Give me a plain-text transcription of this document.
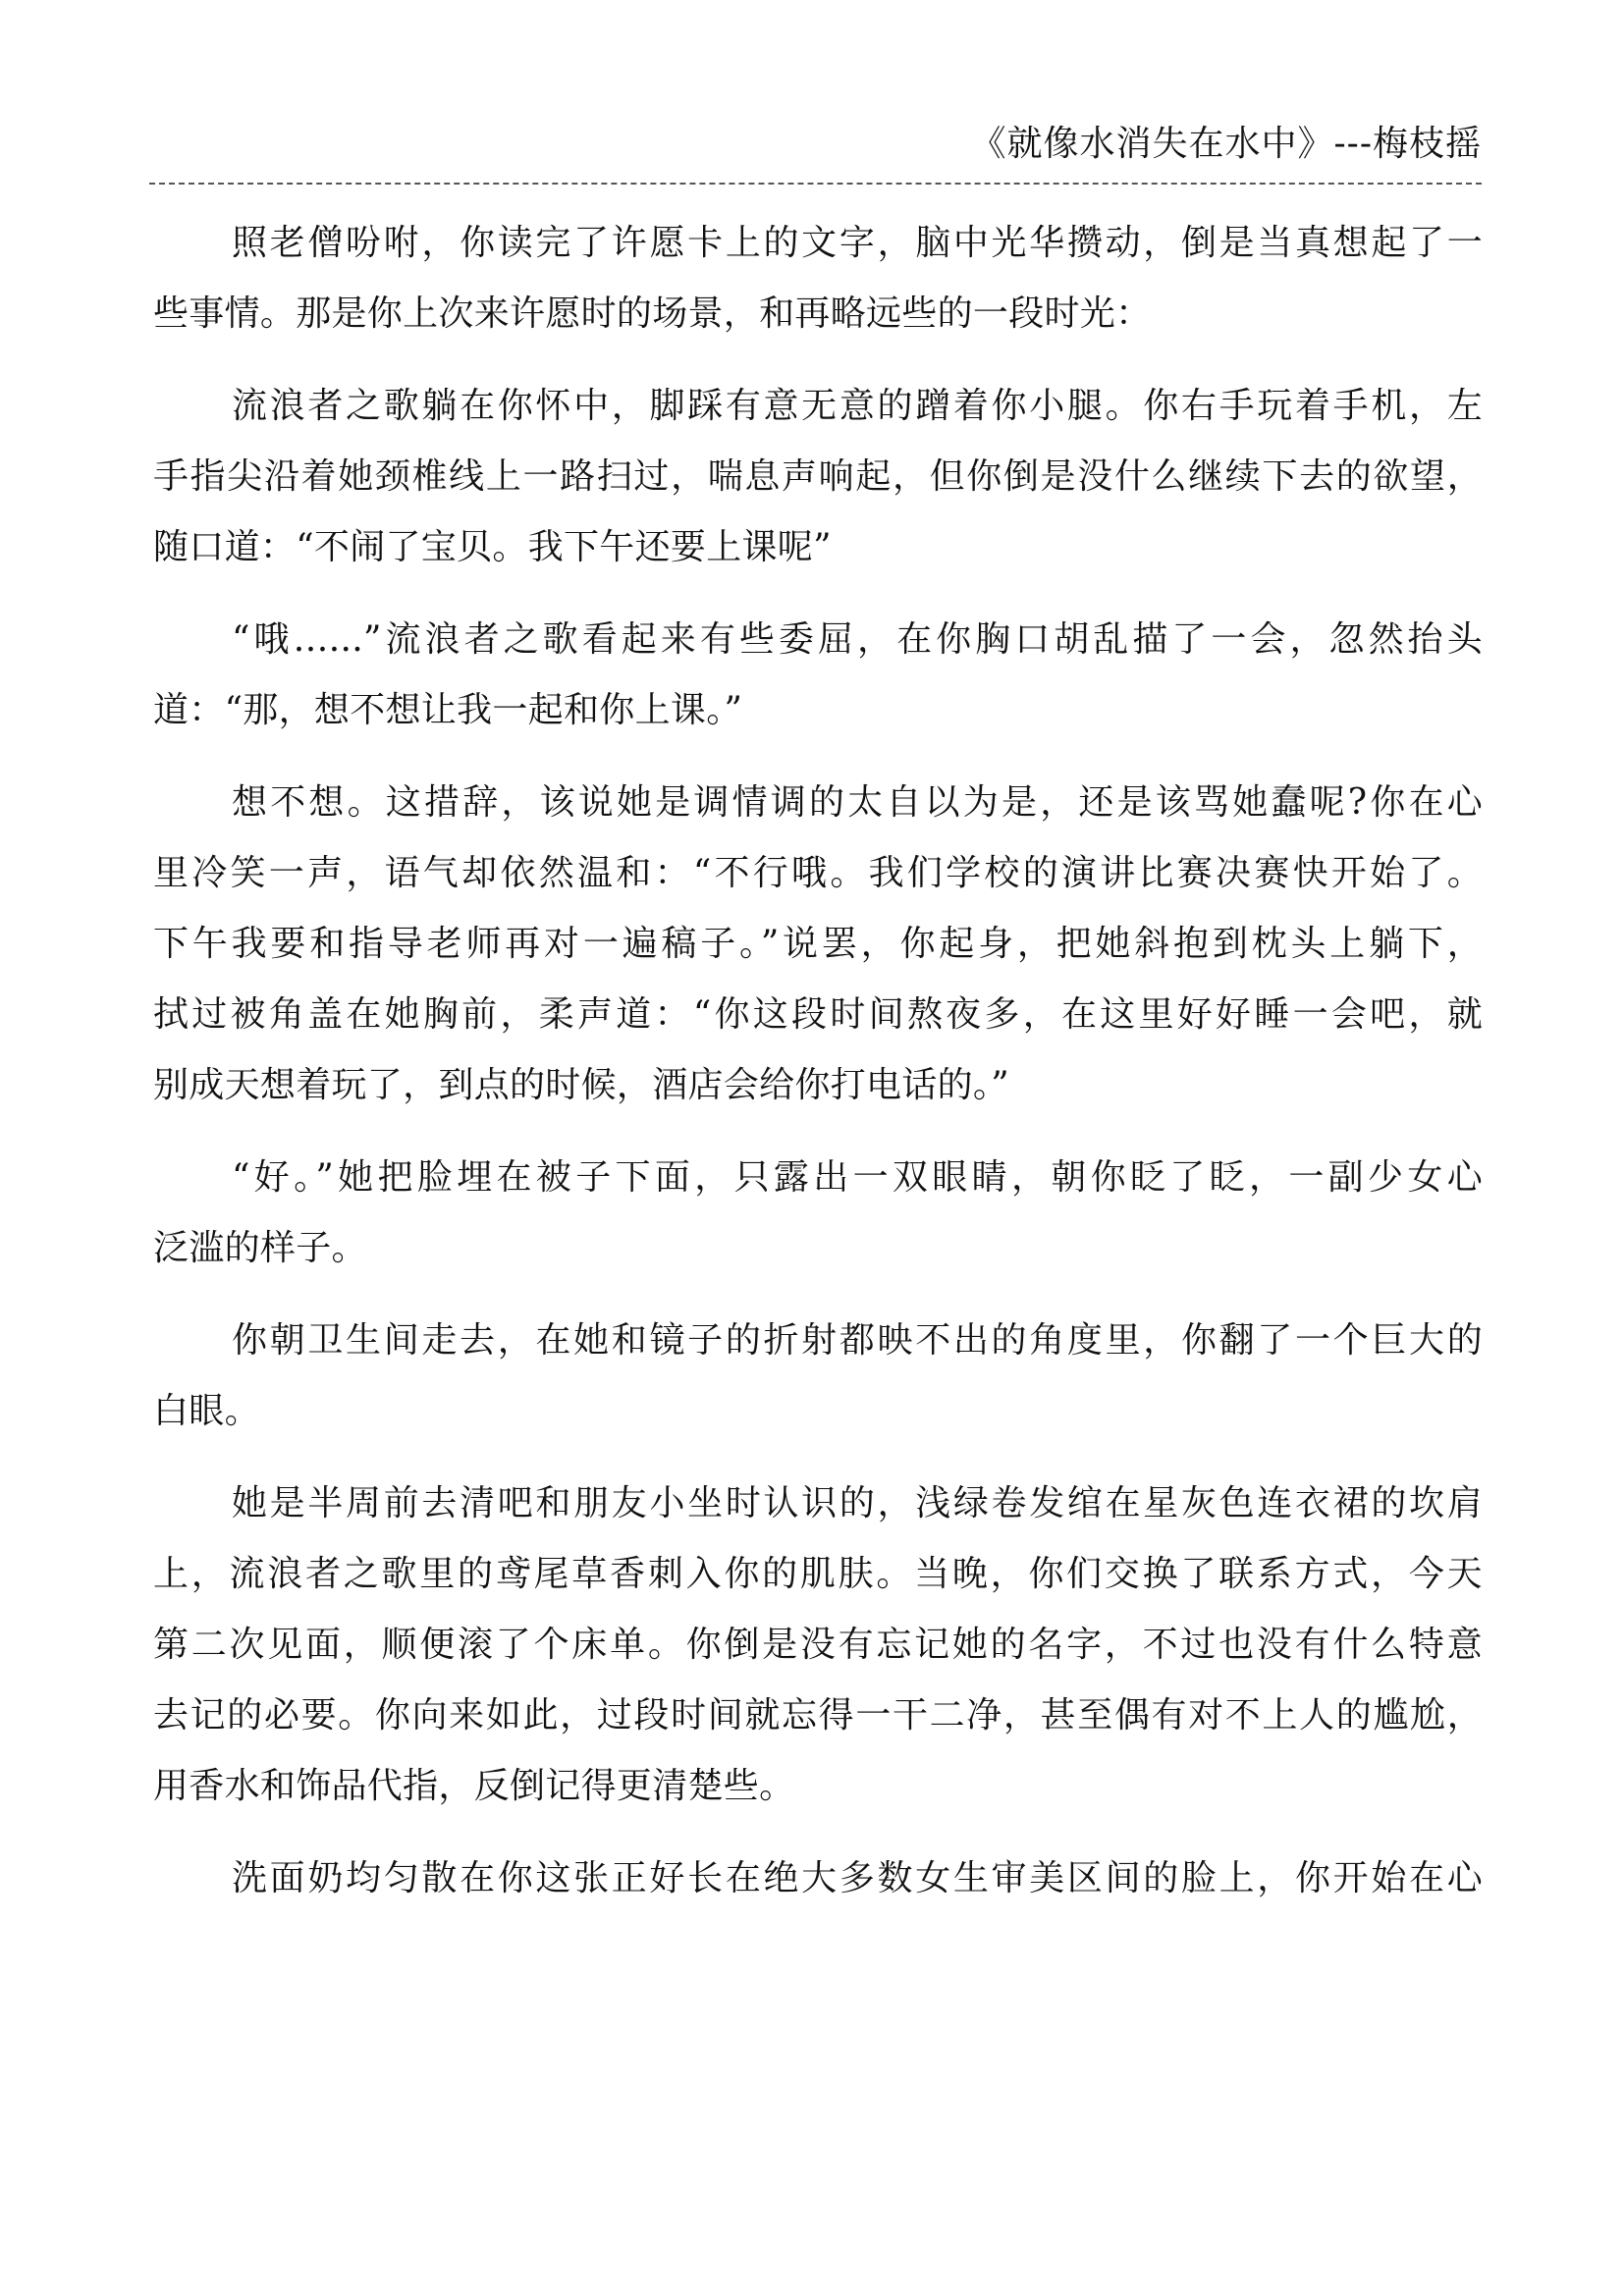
《就像水消失在水中》---梅枝摇
照老僧吩咐，你读完了许愿卡上的文字，脑中光华攒动，倒是当真想起了一
些事情。那是你上次来许愿时的场景，和再略远些的一段时光：
流浪者之歌躺在你怀中，脚踩有意无意的蹭着你小腿。你右手玩着手机，左
手指尖沿着她颈椎线上一路扫过，喘息声响起，但你倒是没什么继续下去的欲望，
随口道：“不闹了宝贝。我下午还要上课呢”
“哦…...”流浪者之歌看起来有些委屈，在你胸口胡乱描了一会，忽然抬头
道：“那，想不想让我一起和你上课。”
想不想。这措辞，该说她是调情调的太自以为是，还是该骂她蠢呢?你在心
里冷笑一声，语气却依然温和：“不行哦。我们学校的演讲比赛决赛快开始了。
下午我要和指导老师再对一遍稿子。”说罢，你起身，把她斜抱到枕头上躺下，
拭过被角盖在她胸前，柔声道：“你这段时间熬夜多，在这里好好睡一会吧，就
别成天想着玩了，到点的时候，酒店会给你打电话的。”
“好。”她把脸埋在被子下面，只露出一双眼睛，朝你眨了眨，一副少女心
泛滥的样子。
你朝卫生间走去，在她和镜子的折射都映不出的角度里，你翻了一个巨大的
白眼。
她是半周前去清吧和朋友小坐时认识的，浅绿卷发绾在星灰色连衣裙的坎肩
上，流浪者之歌里的鸢尾草香刺入你的肌肤。当晚，你们交换了联系方式，今天
第二次见面，顺便滚了个床单。你倒是没有忘记她的名字，不过也没有什么特意
去记的必要。你向来如此，过段时间就忘得一干二净，甚至偶有对不上人的尴尬，
用香水和饰品代指，反倒记得更清楚些。
洗面奶均匀散在你这张正好长在绝大多数女生审美区间的脸上，你开始在心
